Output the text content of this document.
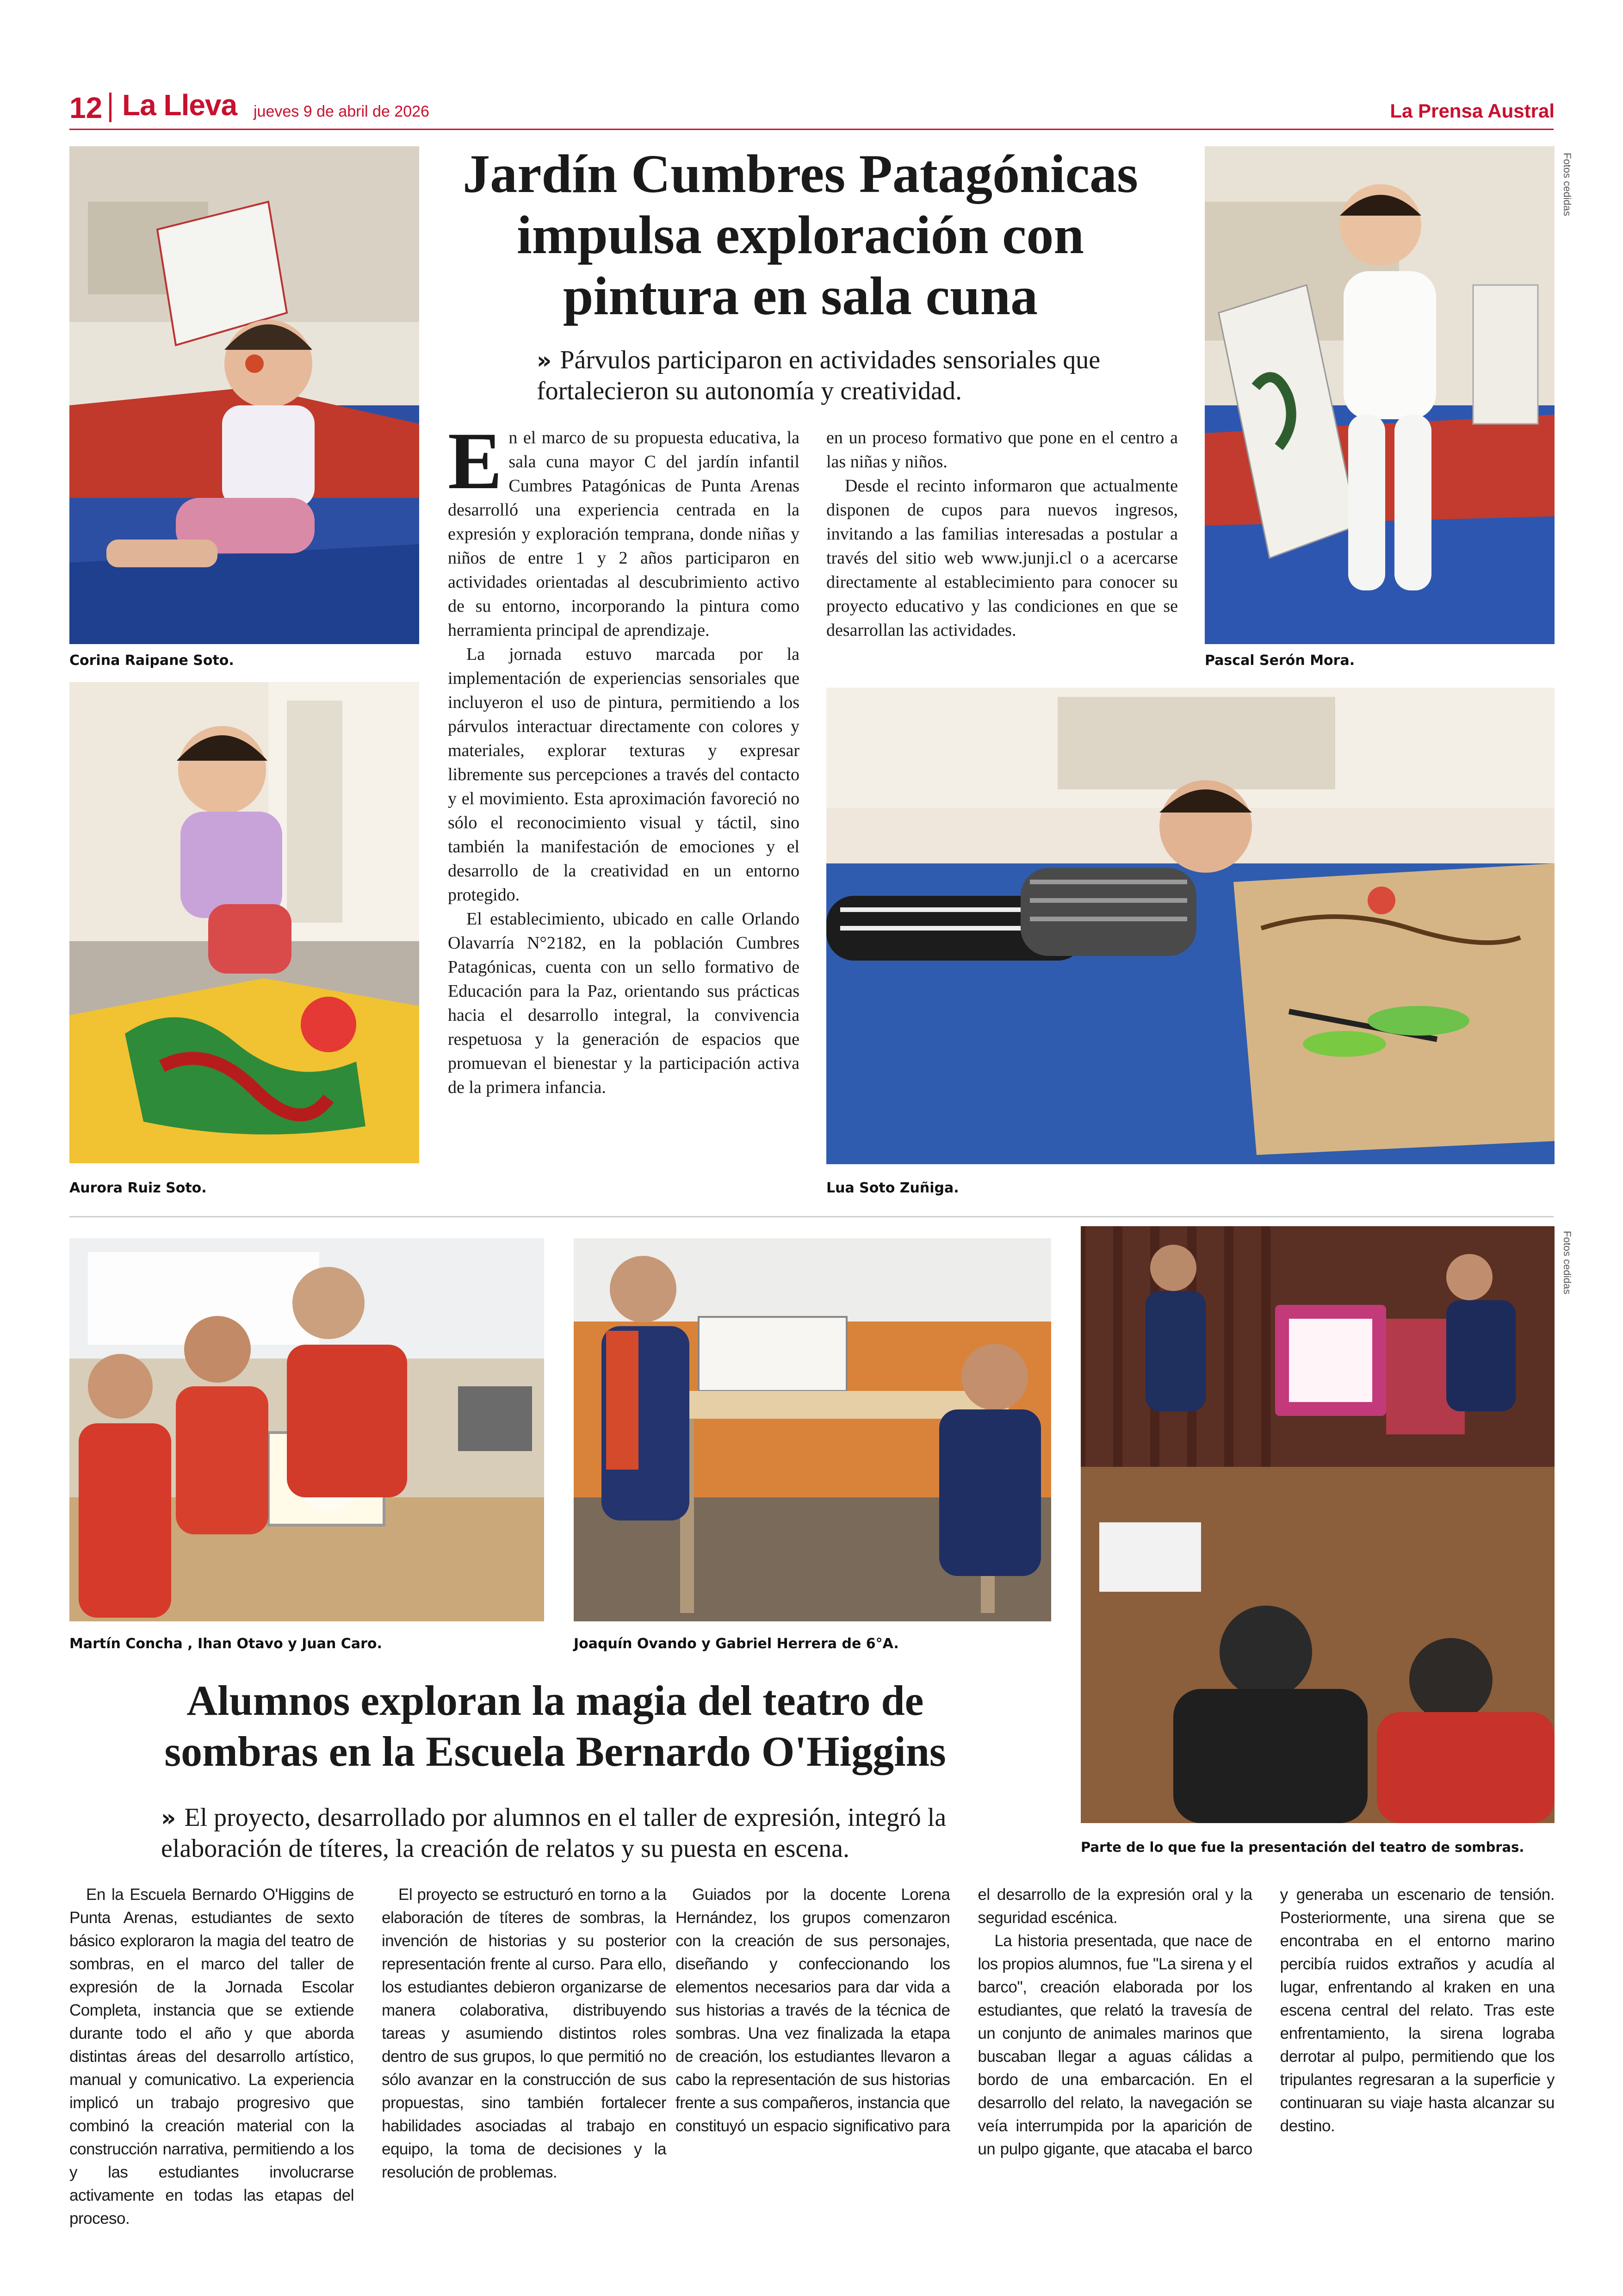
12 La Lleva jueves 9 de abril de 2026	La Prensa Austral
Corina Raipane Soto.
Aurora Ruiz Soto.
Pascal Serón Mora.
Fotos cedidas
Lua Soto Zuñiga.
Jardín Cumbres Patagónicas impulsa exploración con pintura en sala cuna
» Párvulos participaron en actividades sensoriales que fortalecieron su autonomía y creatividad.

En el marco de su propuesta educativa, la sala cuna mayor C del jardín infantil Cumbres Patagónicas de Punta Arenas desarrolló una experiencia centrada en la expresión y exploración temprana, donde niñas y niños de entre 1 y 2 años participaron en actividades orientadas al descubrimiento activo de su entorno, incorporando la pintura como herramienta principal de aprendizaje.

La jornada estuvo marcada por la implementación de experiencias sensoriales que incluyeron el uso de pintura, permitiendo a los párvulos interactuar directamente con colores y materiales, explorar texturas y expresar libremente sus percepciones a través del contacto y el movimiento. Esta aproximación favoreció no sólo el reconocimiento visual y táctil, sino también la manifestación de emociones y el desarrollo de la creatividad en un entorno protegido.

El establecimiento, ubicado en calle Orlando Olavarría N°2182, en la población Cumbres Patagónicas, cuenta con un sello formativo de Educación para la Paz, orientando sus prácticas hacia el desarrollo integral, la convivencia respetuosa y la generación de espacios que promuevan el bienestar y la participación activa de la primera infancia.

en un proceso formativo que pone en el centro a las niñas y niños.

Desde el recinto informaron que actualmente disponen de cupos para nuevos ingresos, invitando a las familias interesadas a postular a través del sitio web www.junji.cl o a acercarse directamente al establecimiento para conocer su proyecto educativo y las condiciones en que se desarrollan las actividades.

Martín Concha , Ihan Otavo y Juan Caro.	Joaquín Ovando y Gabriel Herrera de 6°A.
Parte de lo que fue la presentación del teatro de sombras.
Fotos cedidas
Alumnos exploran la magia del teatro de sombras en la Escuela Bernardo O'Higgins
» El proyecto, desarrollado por alumnos en el taller de expresión, integró la elaboración de títeres, la creación de relatos y su puesta en escena.

En la Escuela Bernardo O'Higgins de Punta Arenas, estudiantes de sexto básico exploraron la magia del teatro de sombras, en el marco del taller de expresión de la Jornada Escolar Completa, instancia que se extiende durante todo el año y que aborda distintas áreas del desarrollo artístico, manual y comunicativo. La experiencia implicó un trabajo progresivo que combinó la creación material con la construcción narrativa, permitiendo a los y las estudiantes involucrarse activamente en todas las etapas del proceso.

El proyecto se estructuró en torno a la elaboración de títeres de sombras, la invención de historias y su posterior representación frente al curso. Para ello, los estudiantes debieron organizarse de manera colaborativa, distribuyendo tareas y asumiendo distintos roles dentro de sus grupos, lo que permitió no sólo avanzar en la construcción de sus propuestas, sino también fortalecer habilidades asociadas al trabajo en equipo, la toma de decisiones y la resolución de problemas.

Guiados por la docente Lorena Hernández, los grupos comenzaron con la creación de sus personajes, diseñando y confeccionando los elementos necesarios para dar vida a sus historias a través de la técnica de sombras. Una vez finalizada la etapa de creación, los estudiantes llevaron a cabo la representación de sus historias frente a sus compañeros, instancia que constituyó un espacio significativo para el desarrollo de la expresión oral y la seguridad escénica.

La historia presentada, que nace de los propios alumnos, fue "La sirena y el barco", creación elaborada por los estudiantes, que relató la travesía de un conjunto de animales marinos que buscaban llegar a aguas cálidas a bordo de una embarcación. En el desarrollo del relato, la navegación se veía interrumpida por la aparición de un pulpo gigante, que atacaba el barco y generaba un escenario de tensión. Posteriormente, una sirena que se encontraba en el entorno marino percibía ruidos extraños y acudía al lugar, enfrentando al kraken en una escena central del relato. Tras este enfrentamiento, la sirena lograba derrotar al pulpo, permitiendo que los tripulantes regresaran a la superficie y continuaran su viaje hasta alcanzar su destino.
